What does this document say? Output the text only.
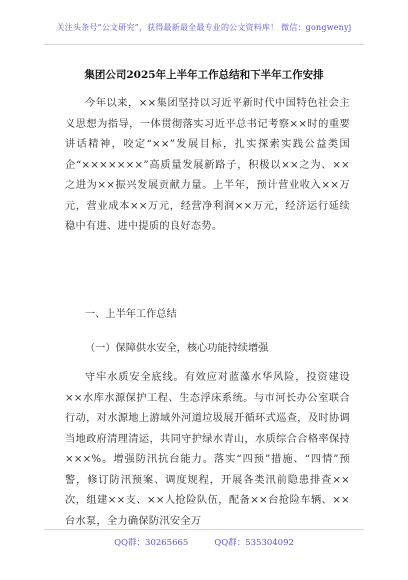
关注头条号“公文研究”，获得最新最全最专业的公文资料库！ 微信：gongwenyj
集团公司2025年上半年工作总结和下半年工作安排

今年以来，××集团坚持以习近平新时代中国特色社会主义思想为指导，一体贯彻落实习近平总书记考察××时的重要讲话精神，咬定“××”发展目标，扎实探索实践公益类国企“×××××××”高质量发展新路子，积极以××之为、××之进为××振兴发展贡献力量。上半年，预计营业收入××万元，营业成本××万元，经营净利润××万元，经济运行延续稳中有进、进中提质的良好态势。

一、上半年工作总结
（一）保障供水安全，核心功能持续增强

守牢水质安全底线。有效应对蓝藻水华风险，投资建设××水库水源保护工程、生态浮床系统。与市河长办公室联合行动，对水源地上游域外河道垃圾展开循环式巡查，及时协调当地政府清理清运，共同守护绿水青山，水质综合合格率保持×××%。增强防汛抗台能力。落实“四预”措施、“四情”预警，修订防汛预案、调度规程，开展各类汛前隐患排查××次，组建××支、××人抢险队伍，配备××台抢险车辆、××台水泵，全力确保防汛安全万

QQ群：30265665	QQ群：535304092
